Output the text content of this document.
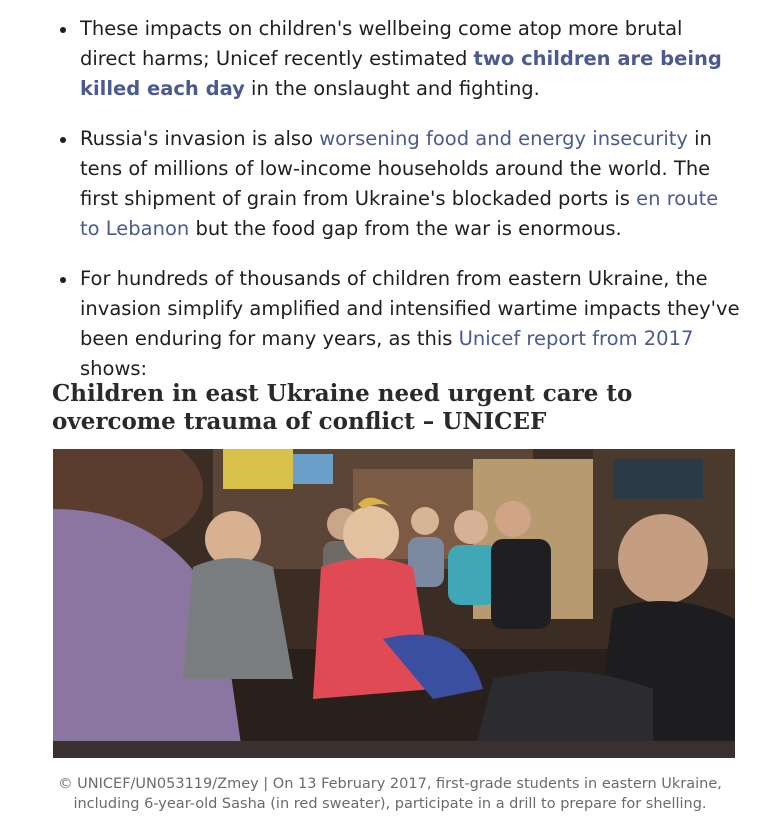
These impacts on children's wellbeing come atop more brutal direct harms; Unicef recently estimated two children are being killed each day in the onslaught and fighting.
Russia's invasion is also worsening food and energy insecurity in tens of millions of low-income households around the world. The first shipment of grain from Ukraine's blockaded ports is en route to Lebanon but the food gap from the war is enormous.
For hundreds of thousands of children from eastern Ukraine, the invasion simplify amplified and intensified wartime impacts they've been enduring for many years, as this Unicef report from 2017 shows:
Children in east Ukraine need urgent care to overcome trauma of conflict – UNICEF
© UNICEF/UN053119/Zmey | On 13 February 2017, first-grade students in eastern Ukraine, including 6-year-old Sasha (in red sweater), participate in a drill to prepare for shelling.
